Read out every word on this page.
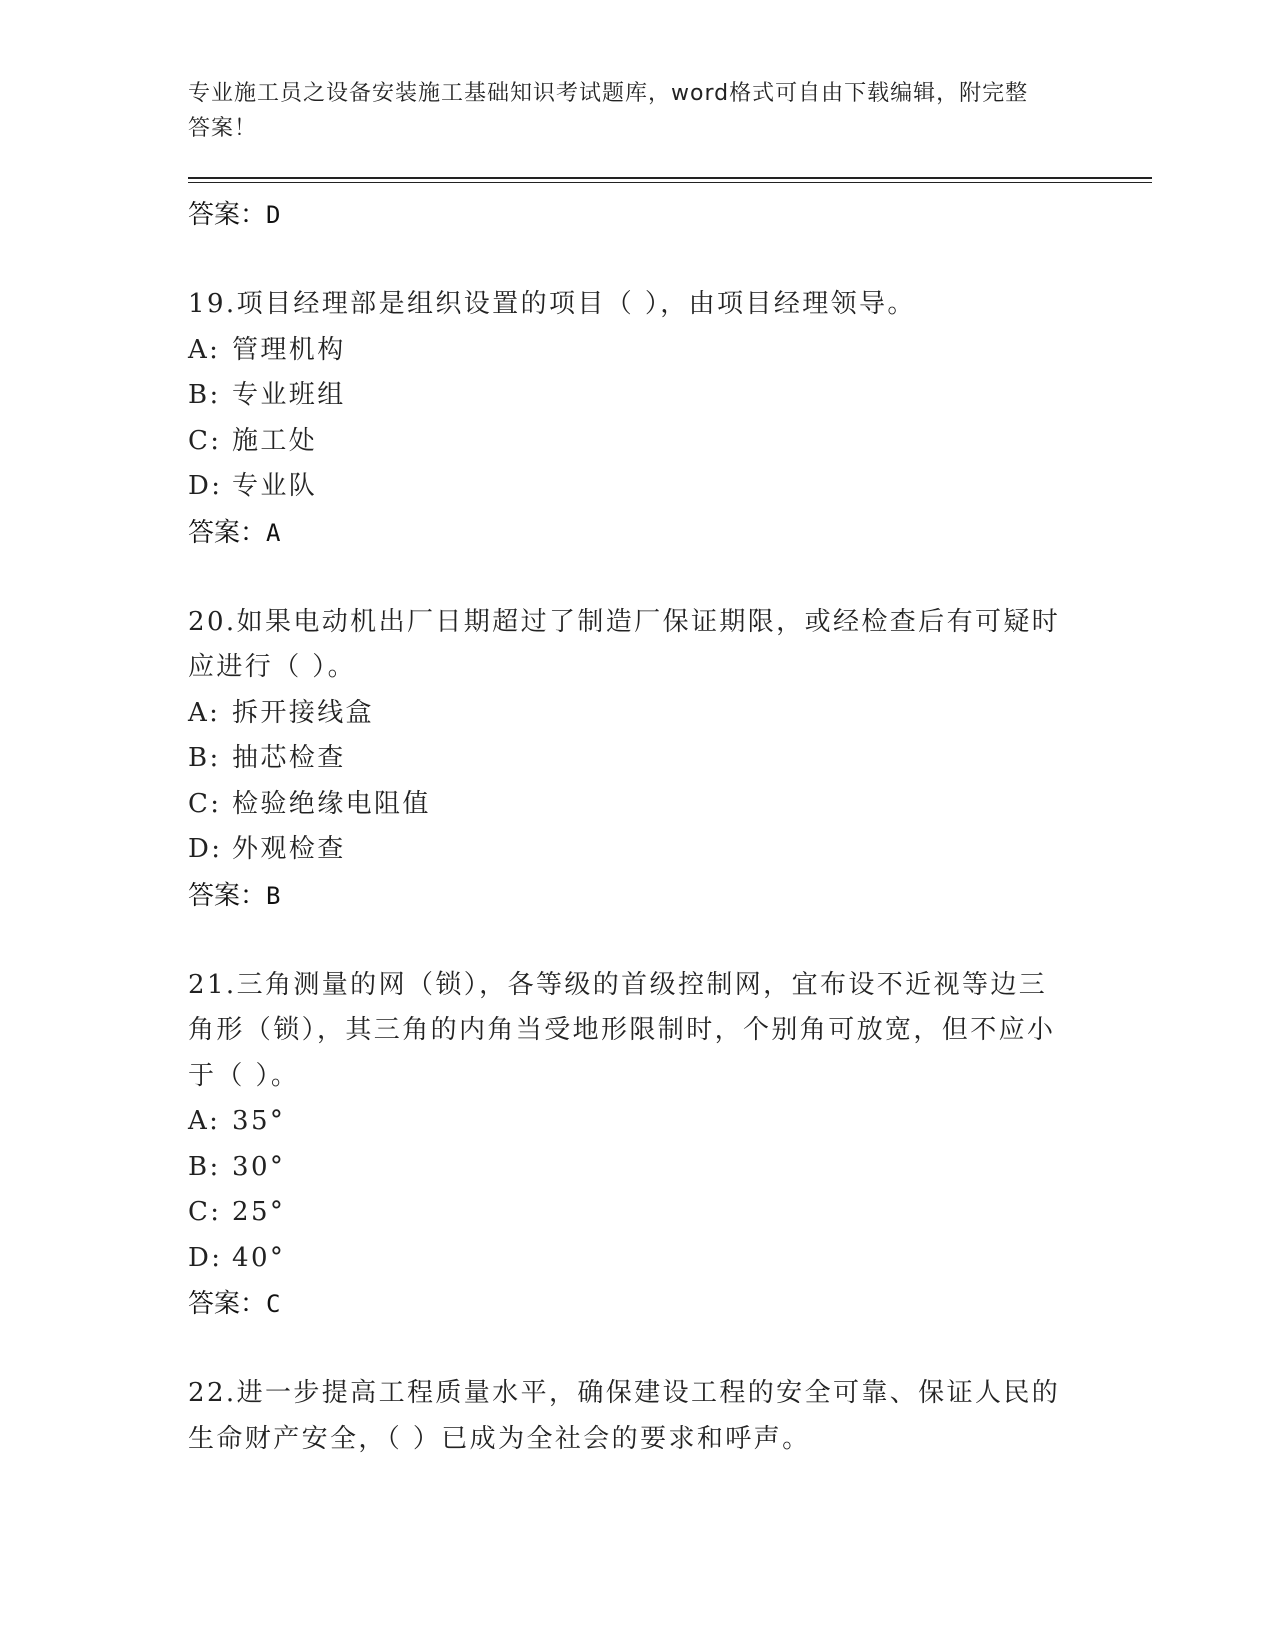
专业施工员之设备安装施工基础知识考试题库，word格式可自由下载编辑，附完整答案！
答案：D
19.项目经理部是组织设置的项目（ ），由项目经理领导。
A: 管理机构
B: 专业班组
C: 施工处
D: 专业队
答案：A
20.如果电动机出厂日期超过了制造厂保证期限，或经检查后有可疑时应进行（ ）。
A: 拆开接线盒
B: 抽芯检查
C: 检验绝缘电阻值
D: 外观检查
答案：B
21.三角测量的网（锁），各等级的首级控制网，宜布设不近视等边三角形（锁），其三角的内角当受地形限制时，个别角可放宽，但不应小于（ ）。
A: 35°
B: 30°
C: 25°
D: 40°
答案：C
22.进一步提高工程质量水平，确保建设工程的安全可靠、保证人民的生命财产安全，（ ）已成为全社会的要求和呼声。
